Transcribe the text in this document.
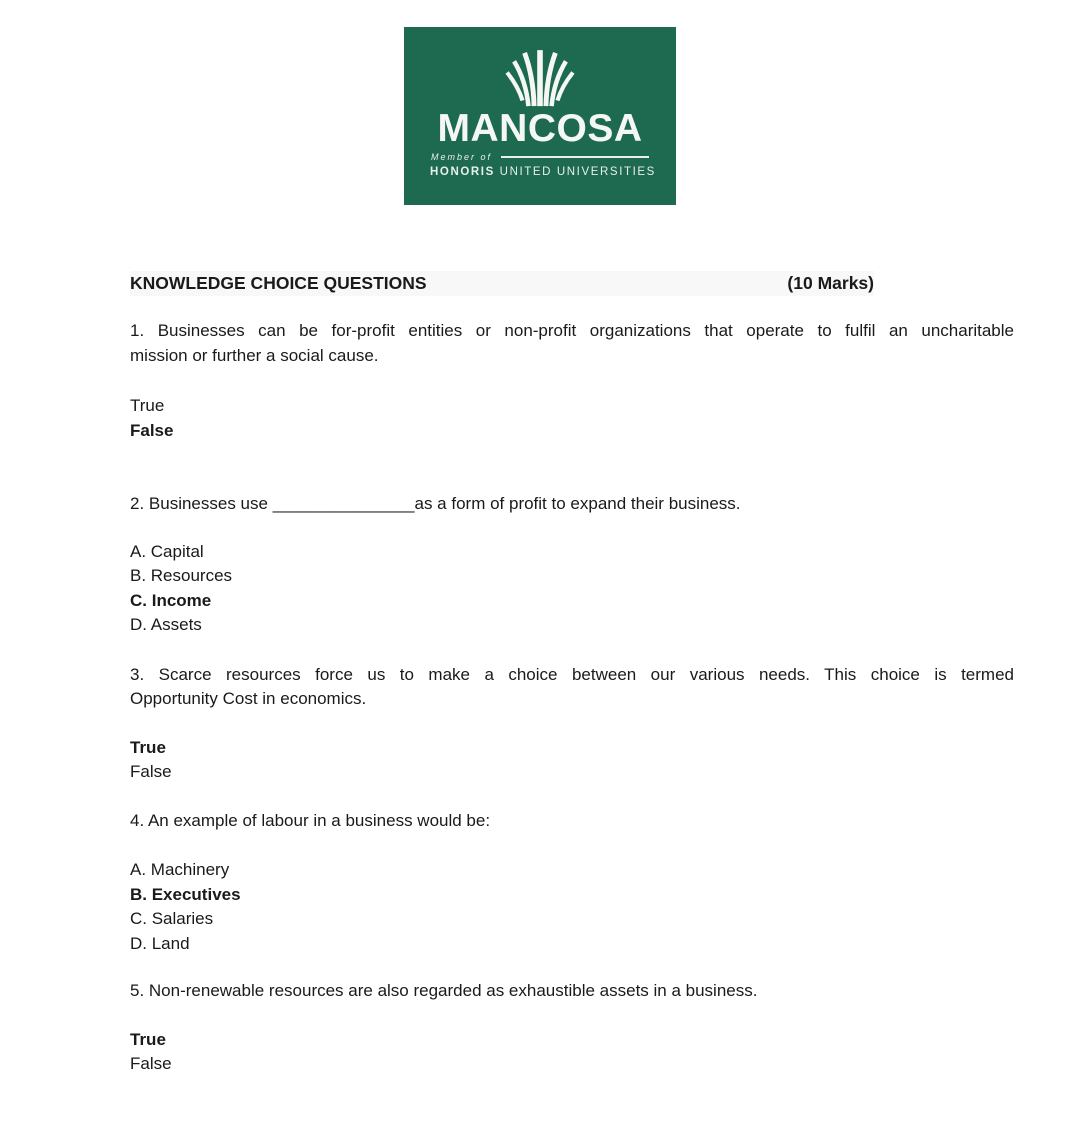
MANCOSA
Member of
HONORIS UNITED UNIVERSITIES
KNOWLEDGE CHOICE QUESTIONS	(10 Marks)
1. Businesses can be for-profit entities or non-profit organizations that operate to fulfil an uncharitable
mission or further a social cause.
True
False
2. Businesses use _______________as a form of profit to expand their business.
A. Capital
B. Resources
C. Income
D. Assets
3. Scarce resources force us to make a choice between our various needs. This choice is termed
Opportunity Cost in economics.
True
False
4. An example of labour in a business would be:
A. Machinery
B. Executives
C. Salaries
D. Land
5. Non-renewable resources are also regarded as exhaustible assets in a business.
True
False
